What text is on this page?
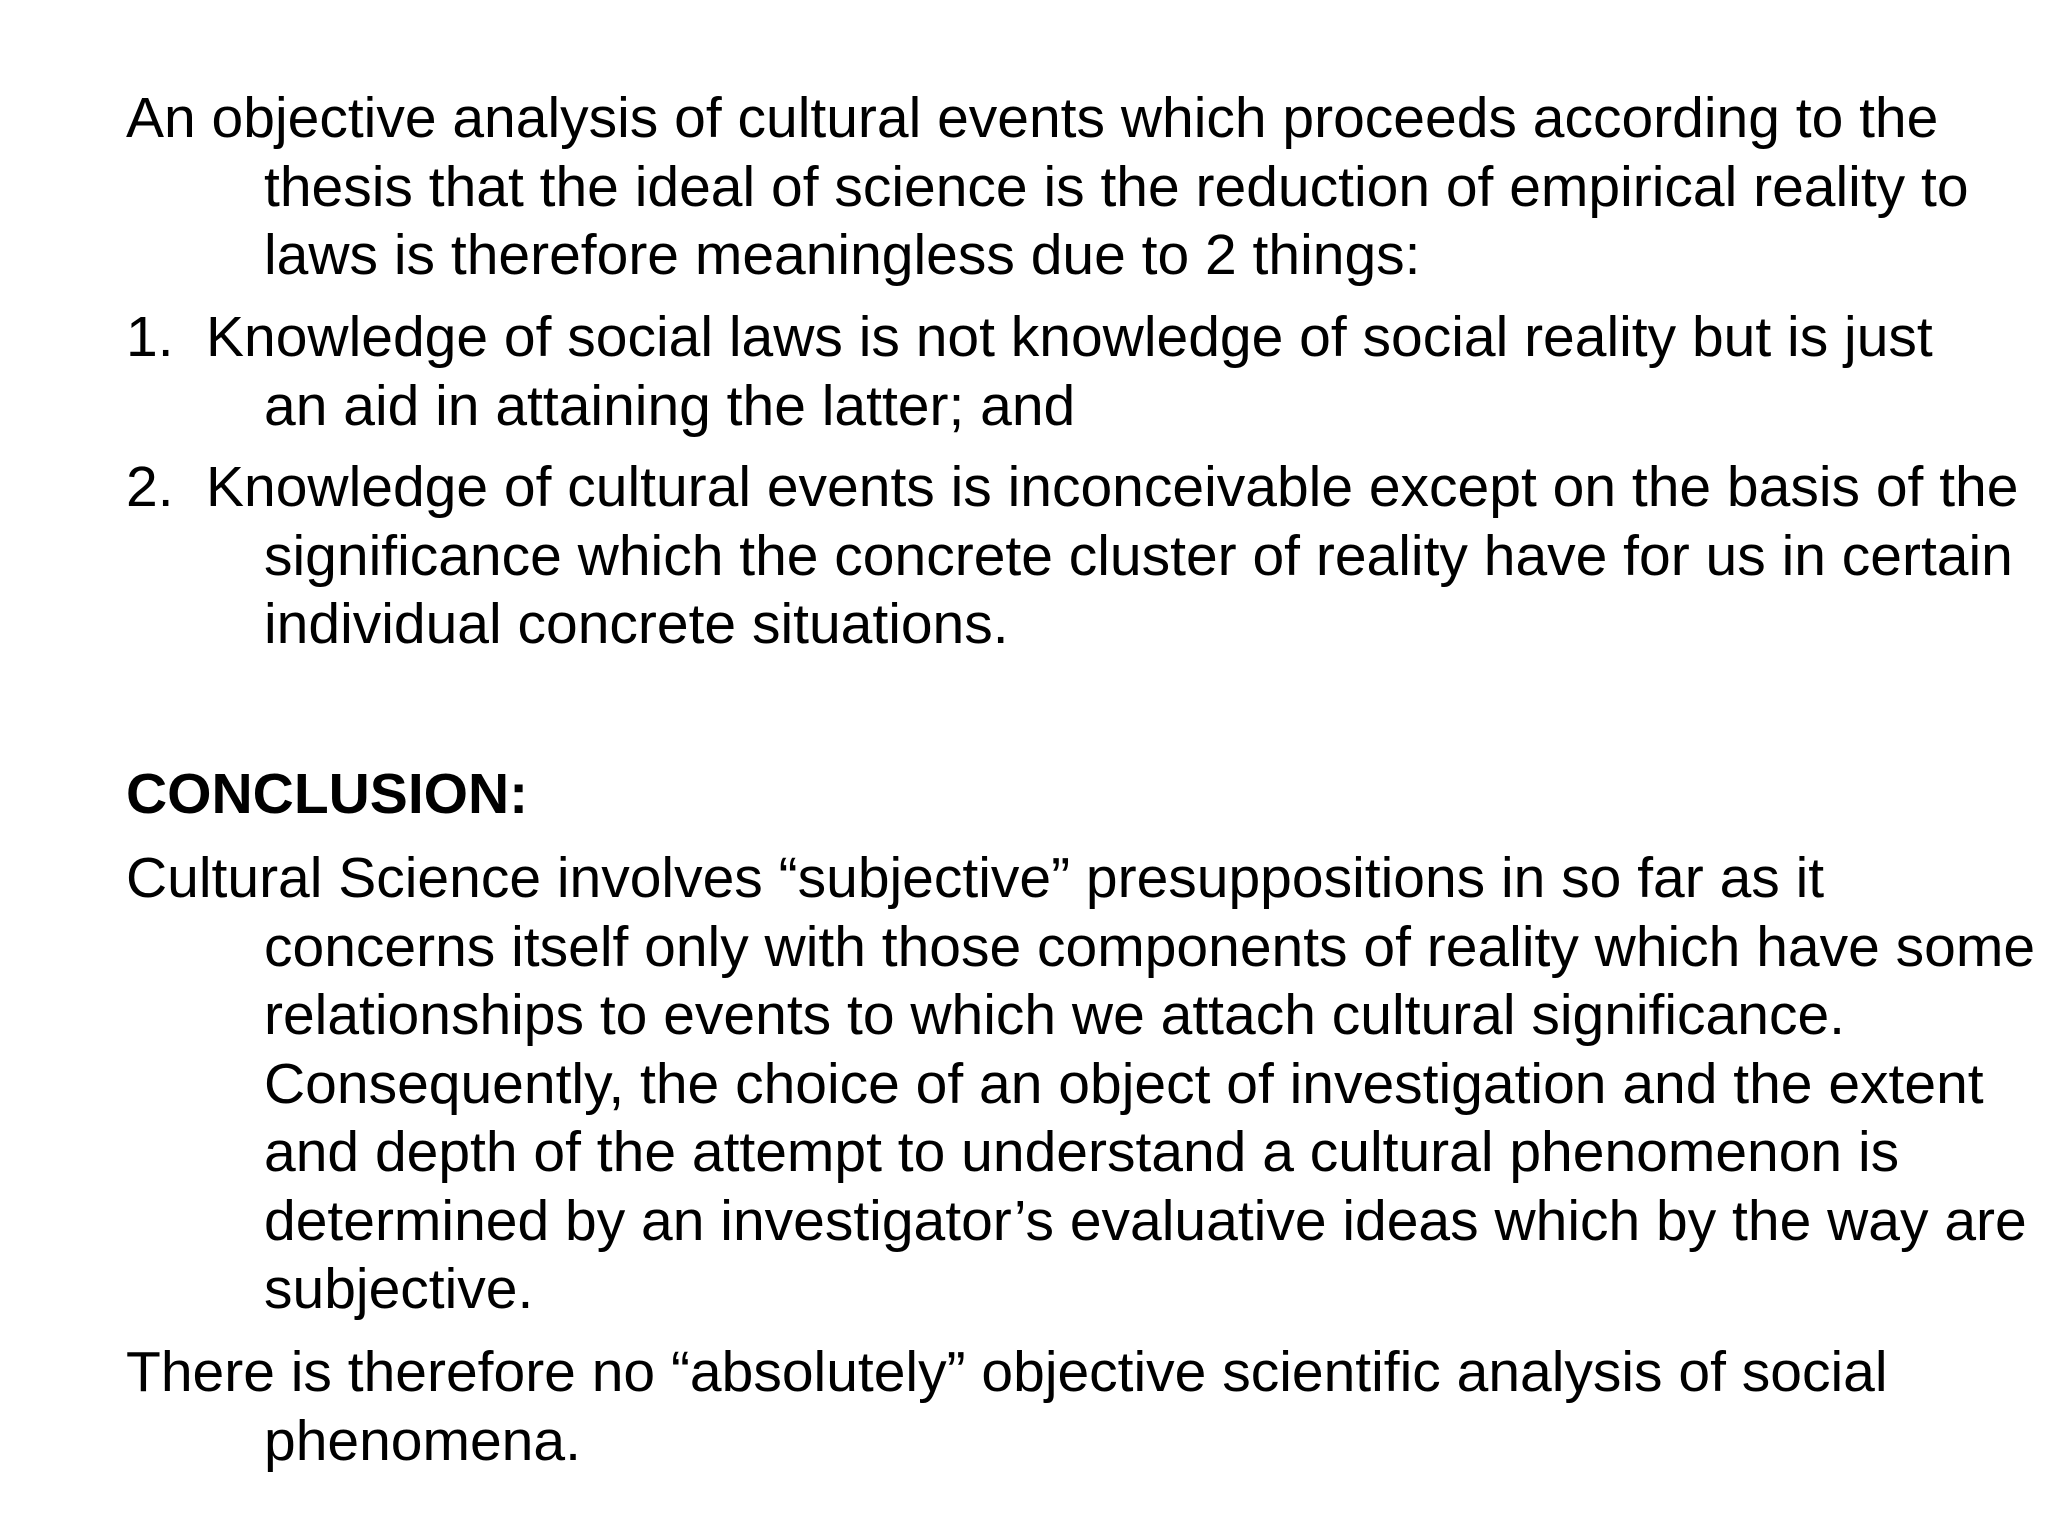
An objective analysis of cultural events which proceeds according to the thesis that the ideal of science is the reduction of empirical reality to laws is therefore meaningless due to 2 things:

1. Knowledge of social laws is not knowledge of social reality but is just an aid in attaining the latter; and
2. Knowledge of cultural events is inconceivable except on the basis of the significance which the concrete cluster of reality have for us in certain individual concrete situations.

CONCLUSION:

Cultural Science involves “subjective” presuppositions in so far as it concerns itself only with those components of reality which have some relationships to events to which we attach cultural significance. Consequently, the choice of an object of investigation and the extent and depth of the attempt to understand a cultural phenomenon is determined by an investigator’s evaluative ideas which by the way are subjective.

There is therefore no “absolutely” objective scientific analysis of social phenomena.
